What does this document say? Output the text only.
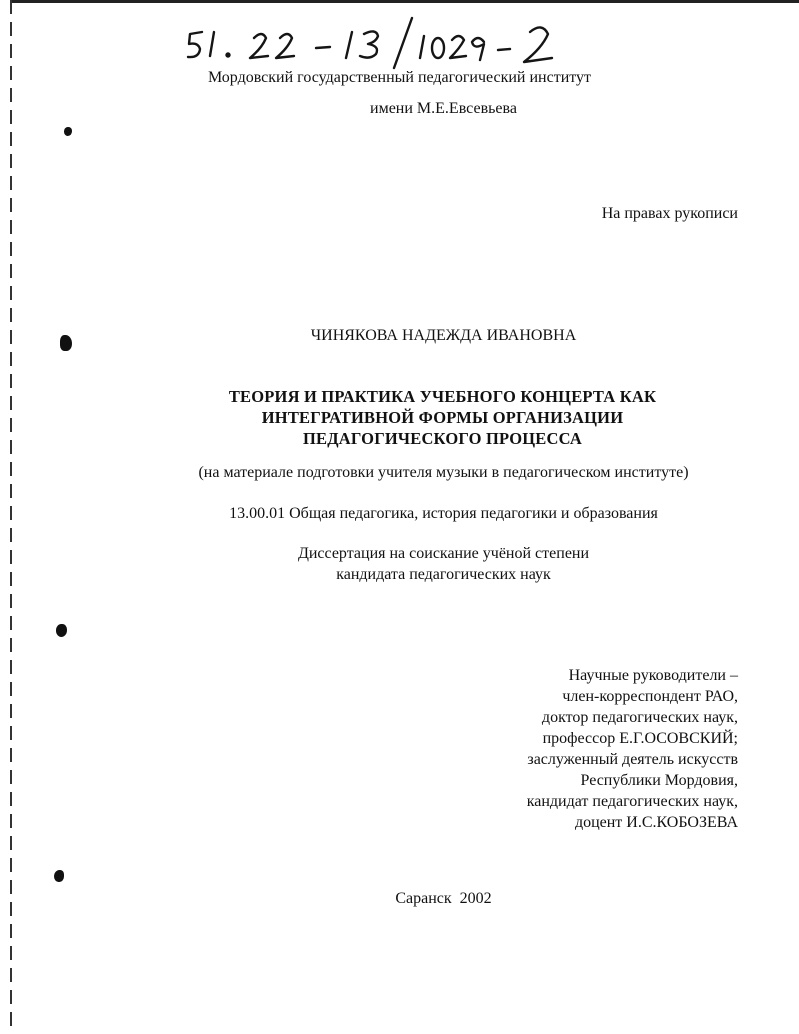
Мордовский государственный педагогический институт
имени М.Е.Евсевьева
На правах рукописи
ЧИНЯКОВА НАДЕЖДА ИВАНОВНА
ТЕОРИЯ И ПРАКТИКА УЧЕБНОГО КОНЦЕРТА КАК
ИНТЕГРАТИВНОЙ ФОРМЫ ОРГАНИЗАЦИИ
ПЕДАГОГИЧЕСКОГО ПРОЦЕССА
(на материале подготовки учителя музыки в педагогическом институте)
13.00.01 Общая педагогика, история педагогики и образования
Диссертация на соискание учёной степени
кандидата педагогических наук
Научные руководители –
член-корреспондент РАО,
доктор педагогических наук,
профессор Е.Г.ОСОВСКИЙ;
заслуженный деятель искусств
Республики Мордовия,
кандидат педагогических наук,
доцент И.С.КОБОЗЕВА
Саранск  2002
